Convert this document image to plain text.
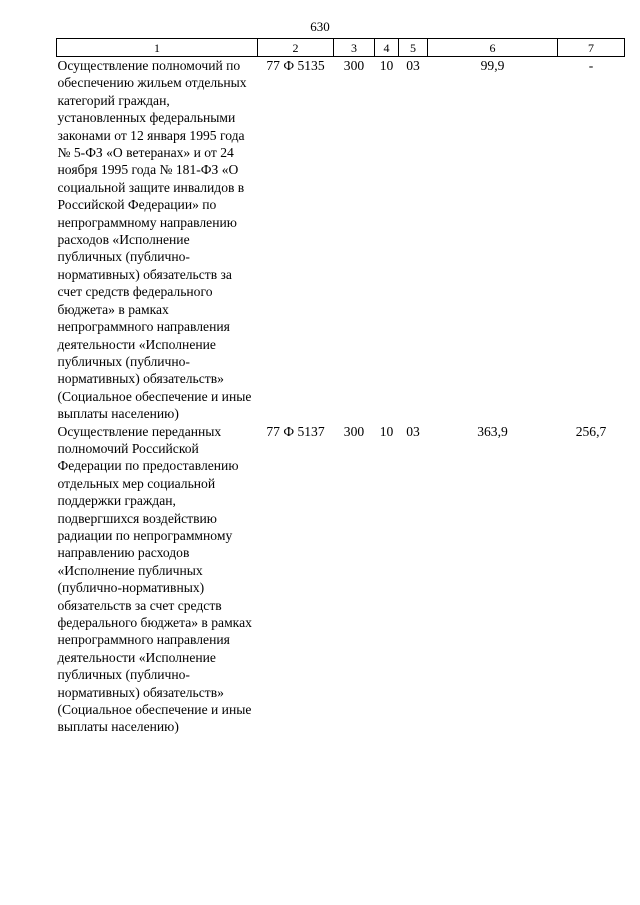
630
1	2	3	4	5	6	7
Осуществление полномочий по обеспечению жильем отдельных категорий граждан, установленных федеральными законами от 12 января 1995 года № 5-ФЗ «О ветеранах» и от 24 ноября 1995 года № 181-ФЗ «О социальной защите инвалидов в Российской Федерации» по непрограммному направлению расходов «Исполнение публичных (публично-нормативных) обязательств за счет средств федерального бюджета» в рамках непрограммного направления деятельности «Исполнение публичных (публично-нормативных) обязательств» (Социальное обеспечение и иные выплаты населению)	77 Ф 5135	300	10	03	99,9	-
Осуществление переданных полномочий Российской Федерации по предоставлению отдельных мер социальной поддержки граждан, подвергшихся воздействию радиации по непрограммному направлению расходов «Исполнение публичных (публично-нормативных) обязательств за счет средств федерального бюджета» в рамках непрограммного направления деятельности «Исполнение публичных (публично-нормативных) обязательств» (Социальное обеспечение и иные выплаты населению)	77 Ф 5137	300	10	03	363,9	256,7
